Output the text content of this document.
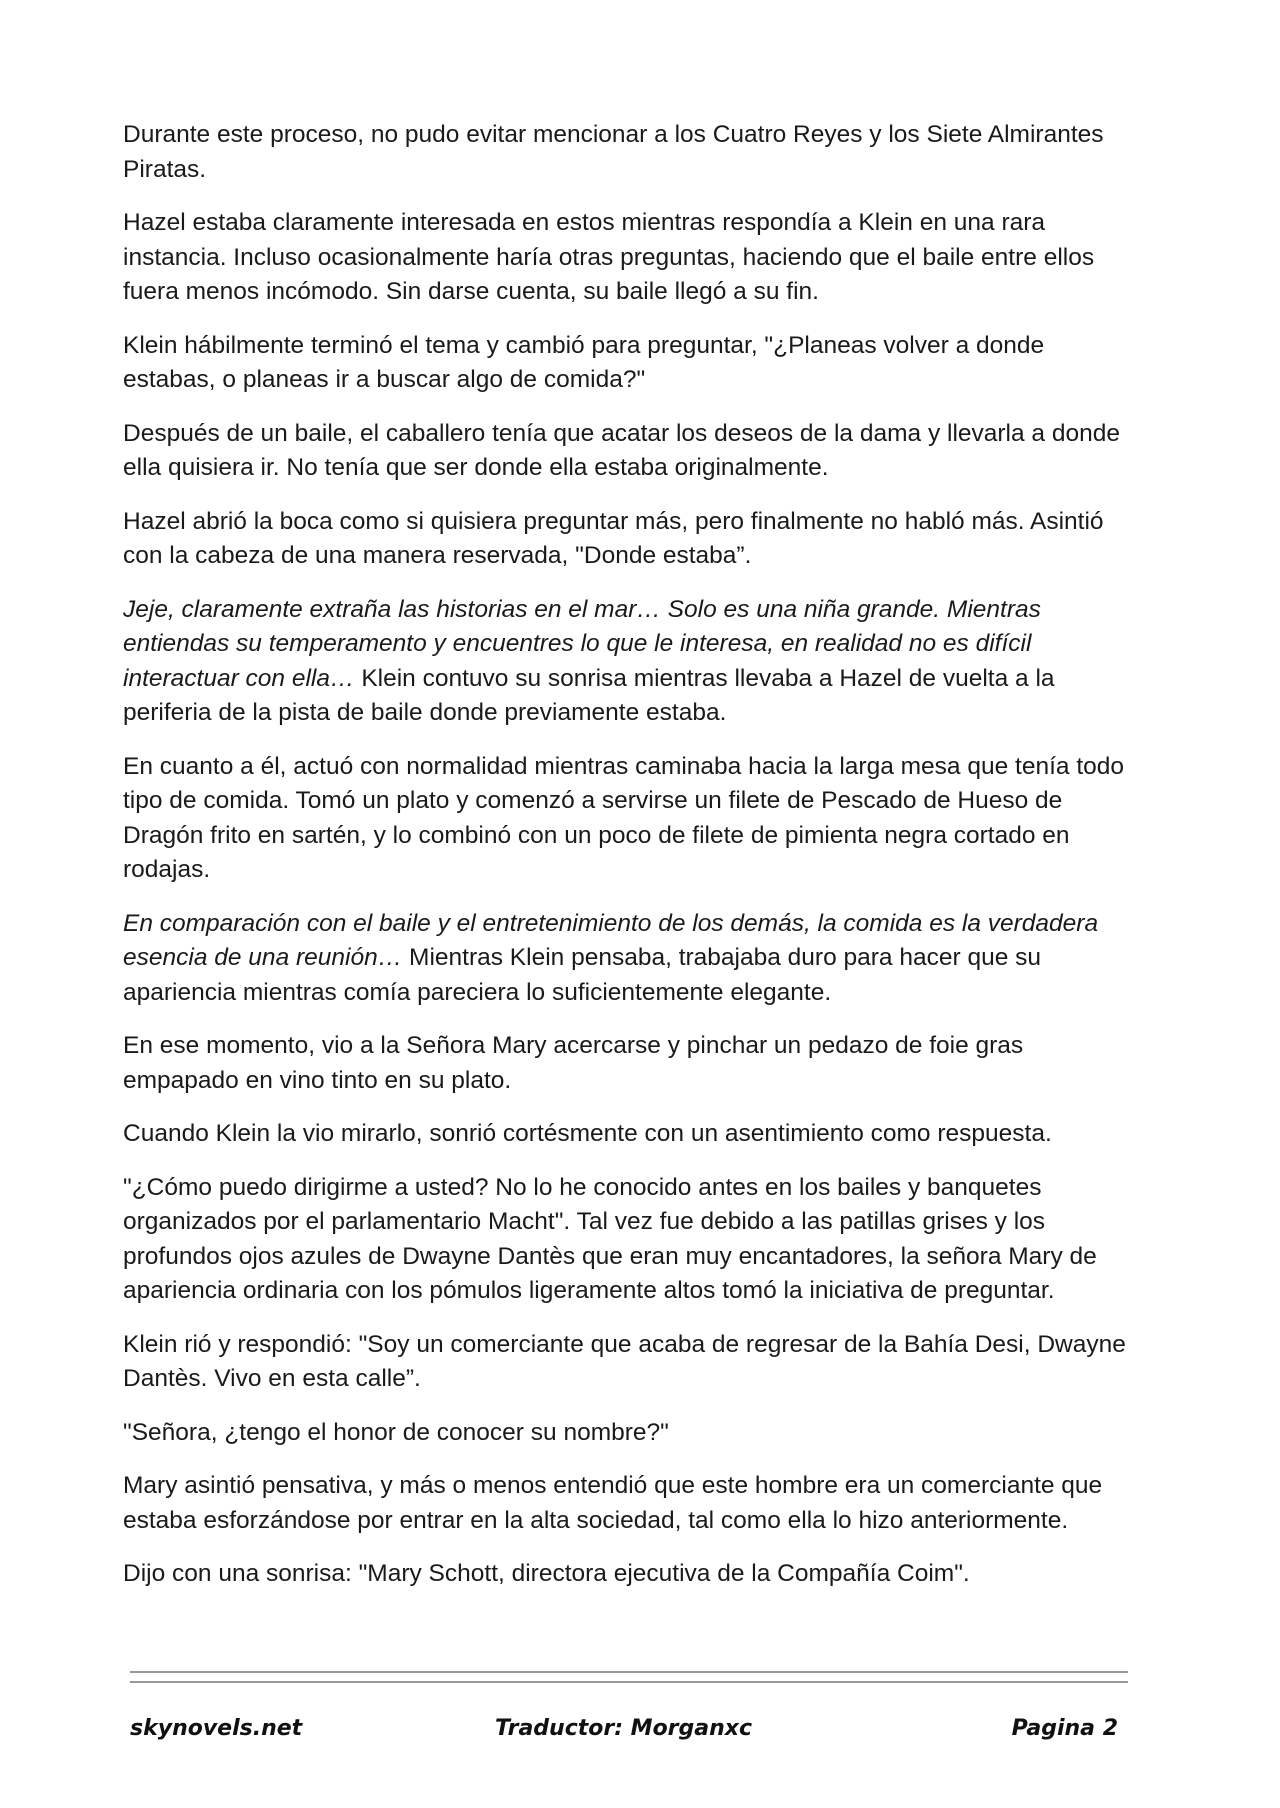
Durante este proceso, no pudo evitar mencionar a los Cuatro Reyes y los Siete Almirantes Piratas.

Hazel estaba claramente interesada en estos mientras respondía a Klein en una rara instancia. Incluso ocasionalmente haría otras preguntas, haciendo que el baile entre ellos fuera menos incómodo. Sin darse cuenta, su baile llegó a su fin.

Klein hábilmente terminó el tema y cambió para preguntar, "¿Planeas volver a donde estabas, o planeas ir a buscar algo de comida?"

Después de un baile, el caballero tenía que acatar los deseos de la dama y llevarla a donde ella quisiera ir. No tenía que ser donde ella estaba originalmente.

Hazel abrió la boca como si quisiera preguntar más, pero finalmente no habló más. Asintió con la cabeza de una manera reservada, "Donde estaba”.

Jeje, claramente extraña las historias en el mar… Solo es una niña grande. Mientras entiendas su temperamento y encuentres lo que le interesa, en realidad no es difícil interactuar con ella… Klein contuvo su sonrisa mientras llevaba a Hazel de vuelta a la periferia de la pista de baile donde previamente estaba.

En cuanto a él, actuó con normalidad mientras caminaba hacia la larga mesa que tenía todo tipo de comida. Tomó un plato y comenzó a servirse un filete de Pescado de Hueso de Dragón frito en sartén, y lo combinó con un poco de filete de pimienta negra cortado en rodajas.

En comparación con el baile y el entretenimiento de los demás, la comida es la verdadera esencia de una reunión… Mientras Klein pensaba, trabajaba duro para hacer que su apariencia mientras comía pareciera lo suficientemente elegante.

En ese momento, vio a la Señora Mary acercarse y pinchar un pedazo de foie gras empapado en vino tinto en su plato.

Cuando Klein la vio mirarlo, sonrió cortésmente con un asentimiento como respuesta.

"¿Cómo puedo dirigirme a usted? No lo he conocido antes en los bailes y banquetes organizados por el parlamentario Macht". Tal vez fue debido a las patillas grises y los profundos ojos azules de Dwayne Dantès que eran muy encantadores, la señora Mary de apariencia ordinaria con los pómulos ligeramente altos tomó la iniciativa de preguntar.

Klein rió y respondió: "Soy un comerciante que acaba de regresar de la Bahía Desi, Dwayne Dantès. Vivo en esta calle”.

"Señora, ¿tengo el honor de conocer su nombre?"

Mary asintió pensativa, y más o menos entendió que este hombre era un comerciante que estaba esforzándose por entrar en la alta sociedad, tal como ella lo hizo anteriormente.

Dijo con una sonrisa: "Mary Schott, directora ejecutiva de la Compañía Coim".

skynovels.net	Traductor: Morganxc	Pagina 2
